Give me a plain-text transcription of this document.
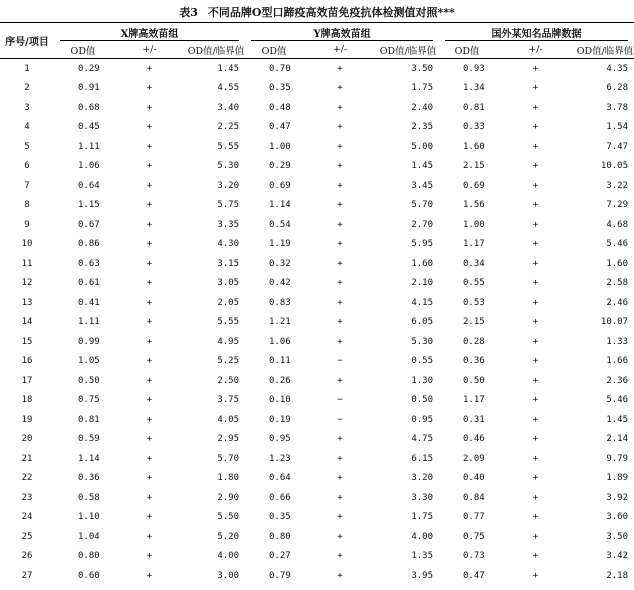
表3 不同品牌O型口蹄疫高效苗免疫抗体检测值对照***
序号/项目	X牌高效苗组			Y牌高效苗组			国外某知名品牌数据		

	OD值	+/-	OD值/临界值	OD值	+/-	OD值/临界值	OD值	+/-	OD值/临界值
1	0.29	+	1.45	0.70	+	3.50	0.93	+	4.35
2	0.91	+	4.55	0.35	+	1.75	1.34	+	6.28
3	0.68	+	3.40	0.48	+	2.40	0.81	+	3.78
4	0.45	+	2.25	0.47	+	2.35	0.33	+	1.54
5	1.11	+	5.55	1.00	+	5.00	1.60	+	7.47
6	1.06	+	5.30	0.29	+	1.45	2.15	+	10.05
7	0.64	+	3.20	0.69	+	3.45	0.69	+	3.22
8	1.15	+	5.75	1.14	+	5.70	1.56	+	7.29
9	0.67	+	3.35	0.54	+	2.70	1.00	+	4.68
10	0.86	+	4.30	1.19	+	5.95	1.17	+	5.46
11	0.63	+	3.15	0.32	+	1.60	0.34	+	1.60
12	0.61	+	3.05	0.42	+	2.10	0.55	+	2.58
13	0.41	+	2.05	0.83	+	4.15	0.53	+	2.46
14	1.11	+	5.55	1.21	+	6.05	2.15	+	10.07
15	0.99	+	4.95	1.06	+	5.30	0.28	+	1.33
16	1.05	+	5.25	0.11	−	0.55	0.36	+	1.66
17	0.50	+	2.50	0.26	+	1.30	0.50	+	2.36
18	0.75	+	3.75	0.10	−	0.50	1.17	+	5.46
19	0.81	+	4.05	0.19	−	0.95	0.31	+	1.45
20	0.59	+	2.95	0.95	+	4.75	0.46	+	2.14
21	1.14	+	5.70	1.23	+	6.15	2.09	+	9.79
22	0.36	+	1.80	0.64	+	3.20	0.40	+	1.89
23	0.58	+	2.90	0.66	+	3.30	0.84	+	3.92
24	1.10	+	5.50	0.35	+	1.75	0.77	+	3.60
25	1.04	+	5.20	0.80	+	4.00	0.75	+	3.50
26	0.80	+	4.00	0.27	+	1.35	0.73	+	3.42
27	0.60	+	3.00	0.79	+	3.95	0.47	+	2.18
